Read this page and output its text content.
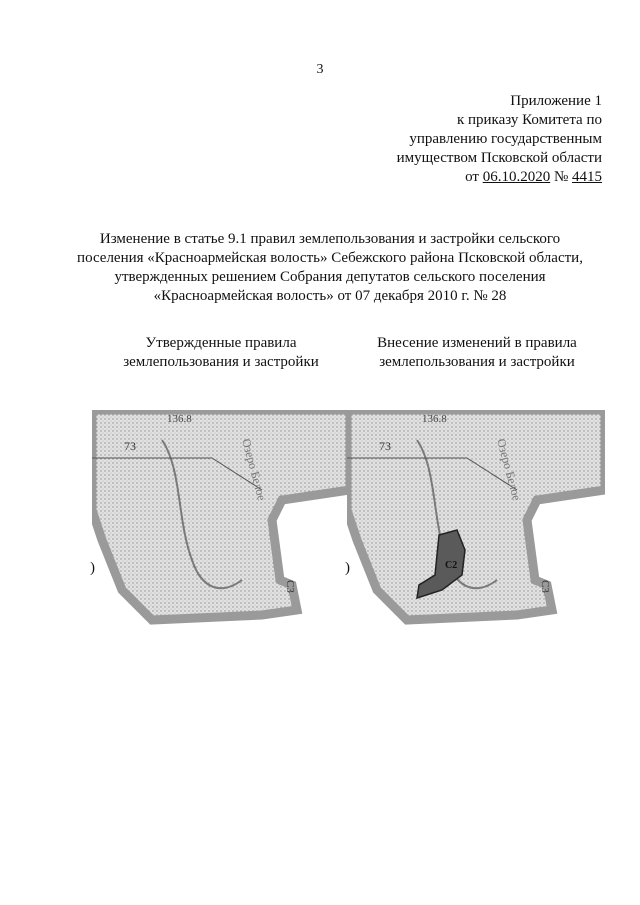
3
Приложение 1
к приказу Комитета по
управлению государственным
имуществом Псковской области
от 06.10.2020 № 4415
Изменение в статье 9.1 правил землепользования и застройки сельского
поселения «Красноармейская волость» Себежского района Псковской области,
утвержденных решением Собрания депутатов сельского поселения
«Красноармейская волость» от 07 декабря 2010 г. № 28
Утвержденные правила
землепользования и застройки
Внесение изменений в правила
землепользования и застройки
136.8
73	Озеро Белое
С3
)
136.8
73
C2
Озеро Белое
С3
)
